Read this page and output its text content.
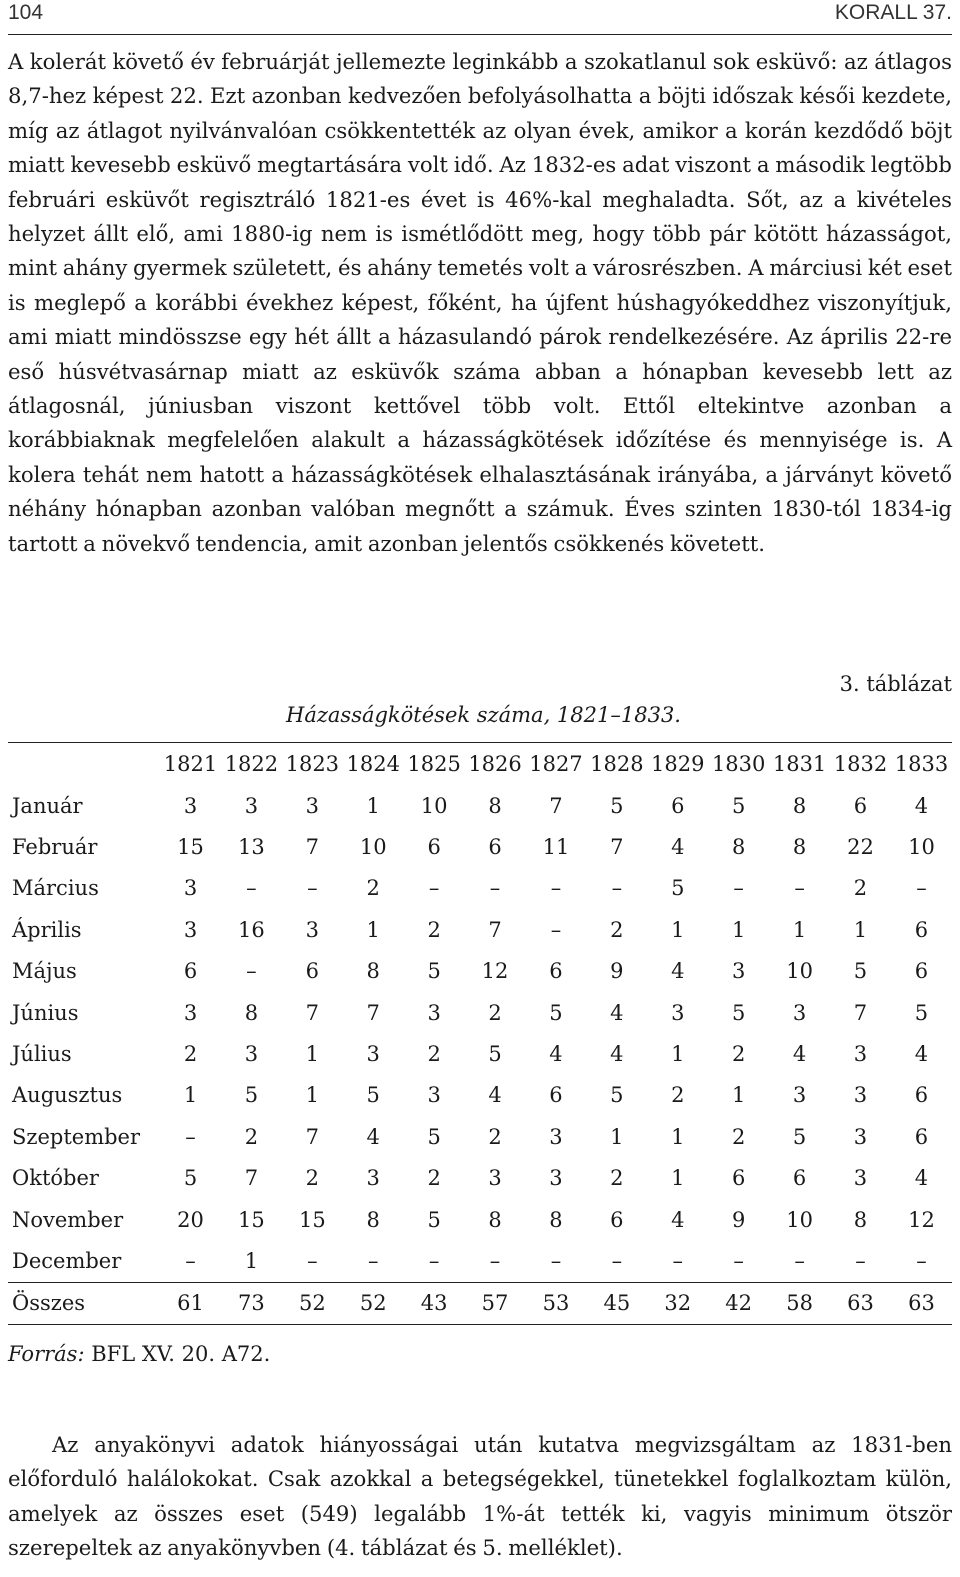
104	KORALL 37.

A kolerát követő év februárját jellemezte leginkább a szokatlanul sok esküvő: az átlagos 8,7-hez képest 22. Ezt azonban kedvezően befolyásolhatta a böjti időszak késői kezdete, míg az átlagot nyilvánvalóan csökkentették az olyan évek, amikor a korán kezdődő böjt miatt kevesebb esküvő megtartására volt idő. Az 1832-es adat viszont a második legtöbb februári esküvőt regisztráló 1821-es évet is 46%-kal meghaladta. Sőt, az a kivételes helyzet állt elő, ami 1880-ig nem is ismétlődött meg, hogy több pár kötött házasságot, mint ahány gyermek született, és ahány temetés volt a városrészben. A márciusi két eset is meglepő a korábbi évekhez képest, főként, ha újfent húshagyókeddhez viszonyítjuk, ami miatt mindösszse egy hét állt a házasulandó párok rendelkezésére. Az április 22-re eső húsvétvasárnap miatt az esküvők száma abban a hónapban kevesebb lett az átlagosnál, júniusban viszont kettővel több volt. Ettől eltekintve azonban a korábbiaknak megfelelően alakult a házasságkötések időzítése és mennyisége is. A kolera tehát nem hatott a házasságkötések elhalasztásának irányába, a járványt követő néhány hónapban azonban valóban megnőtt a számuk. Éves szinten 1830-tól 1834-ig tartott a növekvő tendencia, amit azonban jelentős csökkenés követett.

3. táblázat
Házasságkötések száma, 1821–1833.
	1821	1822	1823	1824	1825	1826	1827	1828	1829	1830	1831	1832	1833
Január	3	3	3	1	10	8	7	5	6	5	8	6	4
Február	15	13	7	10	6	6	11	7	4	8	8	22	10
Március	3	–	–	2	–	–	–	–	5	–	–	2	–
Április	3	16	3	1	2	7	–	2	1	1	1	1	6
Május	6	–	6	8	5	12	6	9	4	3	10	5	6
Június	3	8	7	7	3	2	5	4	3	5	3	7	5
Július	2	3	1	3	2	5	4	4	1	2	4	3	4
Augusztus	1	5	1	5	3	4	6	5	2	1	3	3	6
Szeptember	–	2	7	4	5	2	3	1	1	2	5	3	6
Október	5	7	2	3	2	3	3	2	1	6	6	3	4
November	20	15	15	8	5	8	8	6	4	9	10	8	12
December	–	1	–	–	–	–	–	–	–	–	–	–	–
Összes	61	73	52	52	43	57	53	45	32	42	58	63	63
Forrás: BFL XV. 20. A72.

Az anyakönyvi adatok hiányosságai után kutatva megvizsgáltam az 1831-ben előforduló halálokokat. Csak azokkal a betegségekkel, tünetekkel foglalkoztam külön, amelyek az összes eset (549) legalább 1%-át tették ki, vagyis minimum ötször szerepeltek az anyakönyvben (4. táblázat és 5. melléklet).
